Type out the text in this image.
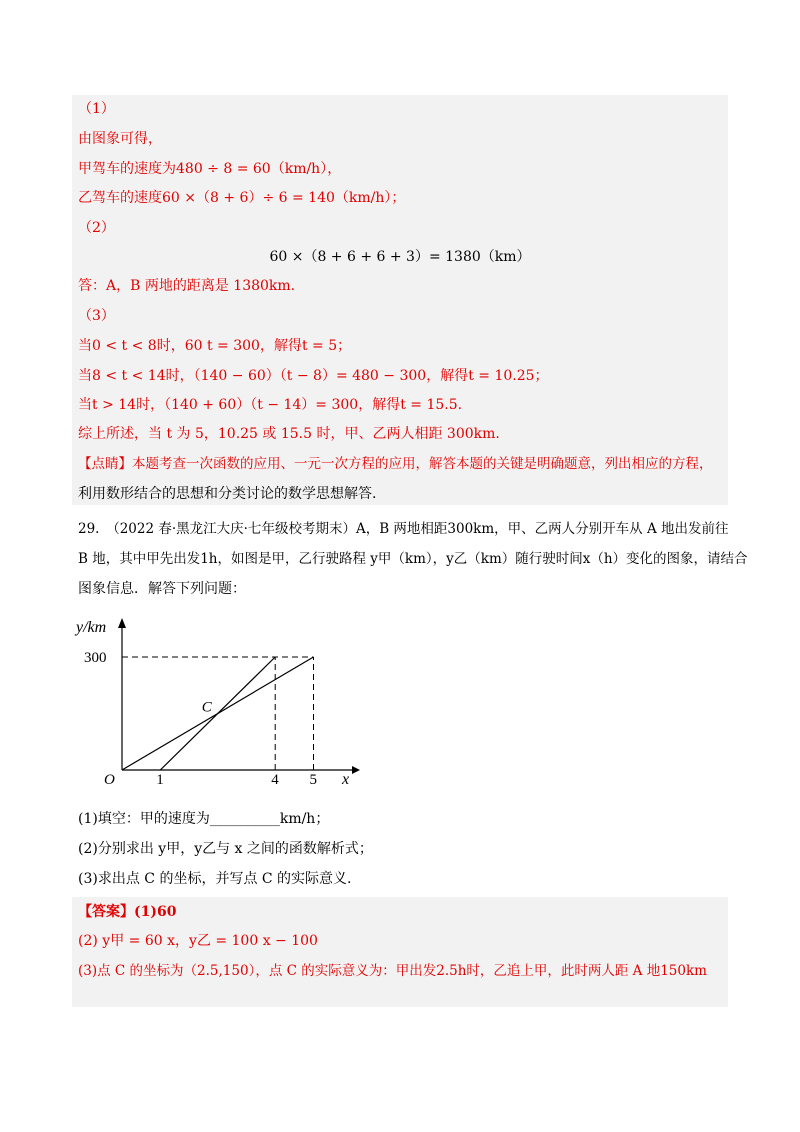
（1）
由图象可得，
甲驾车的速度为480 ÷ 8 = 60（km/h），
乙驾车的速度60 ×（8 + 6）÷ 6 = 140（km/h）；
（2）
60 ×（8 + 6 + 6 + 3）= 1380（km）
答：A，B 两地的距离是 1380km.
（3）
当0 < t < 8时，60 t = 300，解得t = 5；
当8 < t < 14时，（140 − 60）（t − 8）= 480 − 300，解得t = 10.25；
当t > 14时，（140 + 60）（t − 14）= 300，解得t = 15.5.
综上所述，当 t 为 5，10.25 或 15.5 时，甲、乙两人相距 300km.
【点睛】本题考查一次函数的应用、一元一次方程的应用，解答本题的关键是明确题意，列出相应的方程，
利用数形结合的思想和分类讨论的数学思想解答.
29.　（2022 春·黑龙江大庆·七年级校考期末）A，B 两地相距300km，甲、乙两人分别开车从 A 地出发前往
B 地，其中甲先出发1h，如图是甲，乙行驶路程 y甲（km），y乙（km）随行驶时间x（h）变化的图象，请结合
图象信息．解答下列问题：
y/km
x
O	1	4 5
300
C
(1)填空：甲的速度为__________km/h；
(2)分别求出 y甲，y乙与 x 之间的函数解析式；
(3)求出点 C 的坐标，并写点 C 的实际意义.
【答案】(1)60
(2) y甲 = 60 x，y乙 = 100 x − 100
(3)点 C 的坐标为（2.5,150），点 C 的实际意义为：甲出发2.5h时，乙追上甲，此时两人距 A 地150km
